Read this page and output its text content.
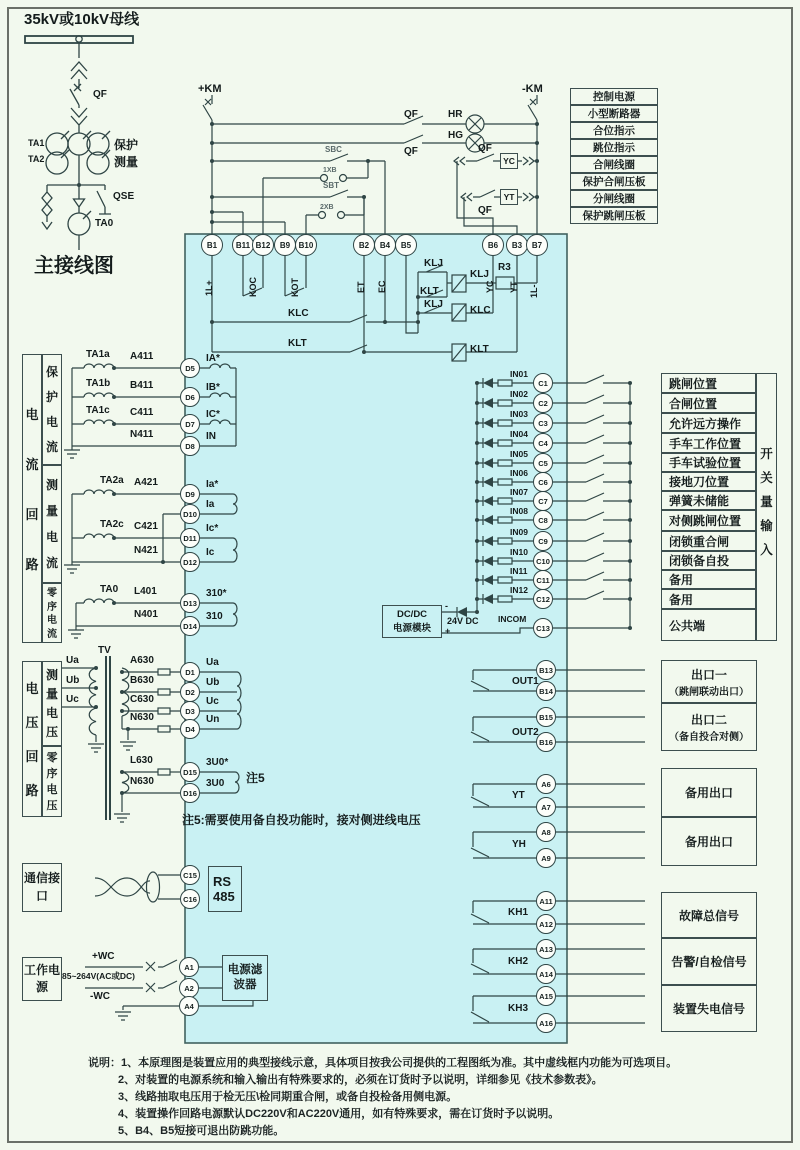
35kV或10kV母线
QF
TA1
TA2
保护
测量
QSE
TA0
主接线图
+KM	-KM
QF	HR
QF
HG
SBC
1XB
SBT
2XB
QF
QF
YC
YT
控制电源
小型断路器
合位指示
跳位指示
合闸线圈
保护合闸压板
分闸线圈
保护跳闸压板
B1 B11 B12 B9 B10	B2 B4 B5	B6 B3 B7
1L+	KOC	KOT	ET EC	YC YT 1L-
R3
KLJ
KLT
KLJ
KLJ
KLC
KLT
KLC
KLT
电流回路
保护电流
测量电流
零序电流
TA1a
TA1b
TA1c
TA2a
TA2c
TA0
A411
B411
C411
N411
A421
C421
N421
L401
N401
D5
D6
D7
D8
D9
D10
D11
D12
D13
D14
IA*
IB*
IC*
IN
Ia*
Ia
Ic*
Ic
310*
310
电压回路
测量电压
零序电压
TV
Ua
Ub
Uc
A630
B630
C630
N630
L630
N630
D1
D2
D3
D4
D15
D16
Ua
Ub
Uc
Un
3U0*
3U0 注5
注5:需要使用备自投功能时，接对侧进线电压
通信接口
C15
C16
RS
485
工作电源
+WC
85~264V(AC或DC)
-WC
A1
A2
A4
电源滤波器
IN01
IN02
IN03
IN04
IN05
IN06
IN07
IN08
IN09
IN10
IN11
IN12
INCOM
C1
C2
C3
C4
C5
C6
C7
C8
C9
C10
C11
C12
C13
跳闸位置
合闸位置
允许远方操作
手车工作位置
手车试验位置
接地刀位置
弹簧未储能
对侧跳闸位置
闭锁重合闸
闭锁备自投
备用
备用
公共端
开关量输入
DC/DC
电源模块
-
24V DC
+
B13
B14
B15
B16
A6
A7
A8
A9
A11
A12
A13
A14
A15
A16
OUT1
OUT2
YT
YH
KH1
KH2
KH3
出口一
（跳闸联动出口）
出口二
（备自投合对侧）
备用出口
备用出口
故障总信号
告警/自检信号
装置失电信号
说明：1、本原理图是装置应用的典型接线示意，具体项目按我公司提供的工程图纸为准。其中虚线框内功能为可选项目。
2、对装置的电源系统和输入输出有特殊要求的，必须在订货时予以说明，详细参见《技术参数表》。
3、线路抽取电压用于检无压\检同期重合闸，或备自投检备用侧电源。
4、装置操作回路电源默认DC220V和AC220V通用，如有特殊要求，需在订货时予以说明。
5、B4、B5短接可退出防跳功能。
